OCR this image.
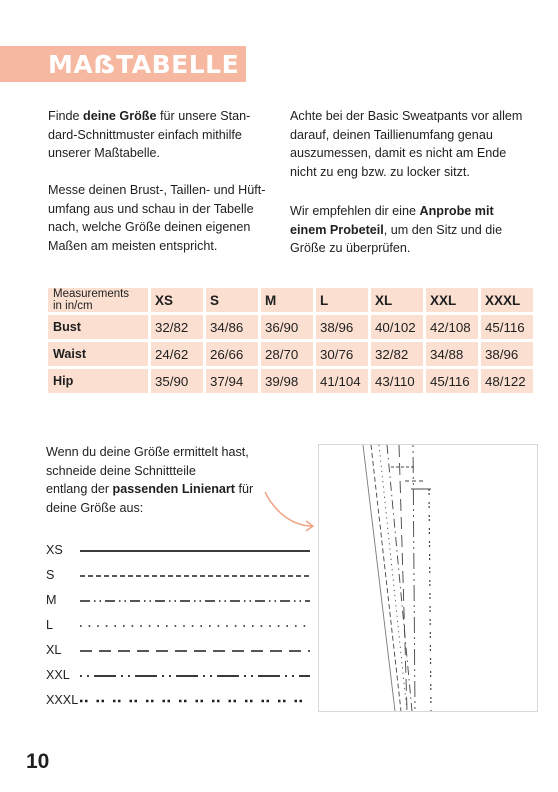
MAẞTABELLE

Finde deine Größe für unsere Standard-Schnittmuster einfach mithilfe unserer Maßtabelle.

Messe deinen Brust-, Taillen- und Hüftumfang aus und schau in der Tabelle nach, welche Größe deinen eigenen Maßen am meisten entspricht.

Achte bei der Basic Sweatpants vor allem darauf, deinen Taillienumfang genau auszumessen, damit es nicht am Ende nicht zu eng bzw. zu locker sitzt.

Wir empfehlen dir eine Anprobe mit einem Probeteil, um den Sitz und die Größe zu überprüfen.

Measurements
in in/cm	XS	S	M	L	XL	XXL	XXXL
Bust	32/82	34/86	36/90	38/96	40/102	42/108	45/116
Waist	24/62	26/66	28/70	30/76	32/82	34/88	38/96
Hip	35/90	37/94	39/98	41/104	43/110	45/116	48/122

Wenn du deine Größe ermittelt hast,
schneide deine Schnittteile
entlang der passenden Linienart für
deine Größe aus:

XS
S
M
L
XL
XXL
XXXL
10
